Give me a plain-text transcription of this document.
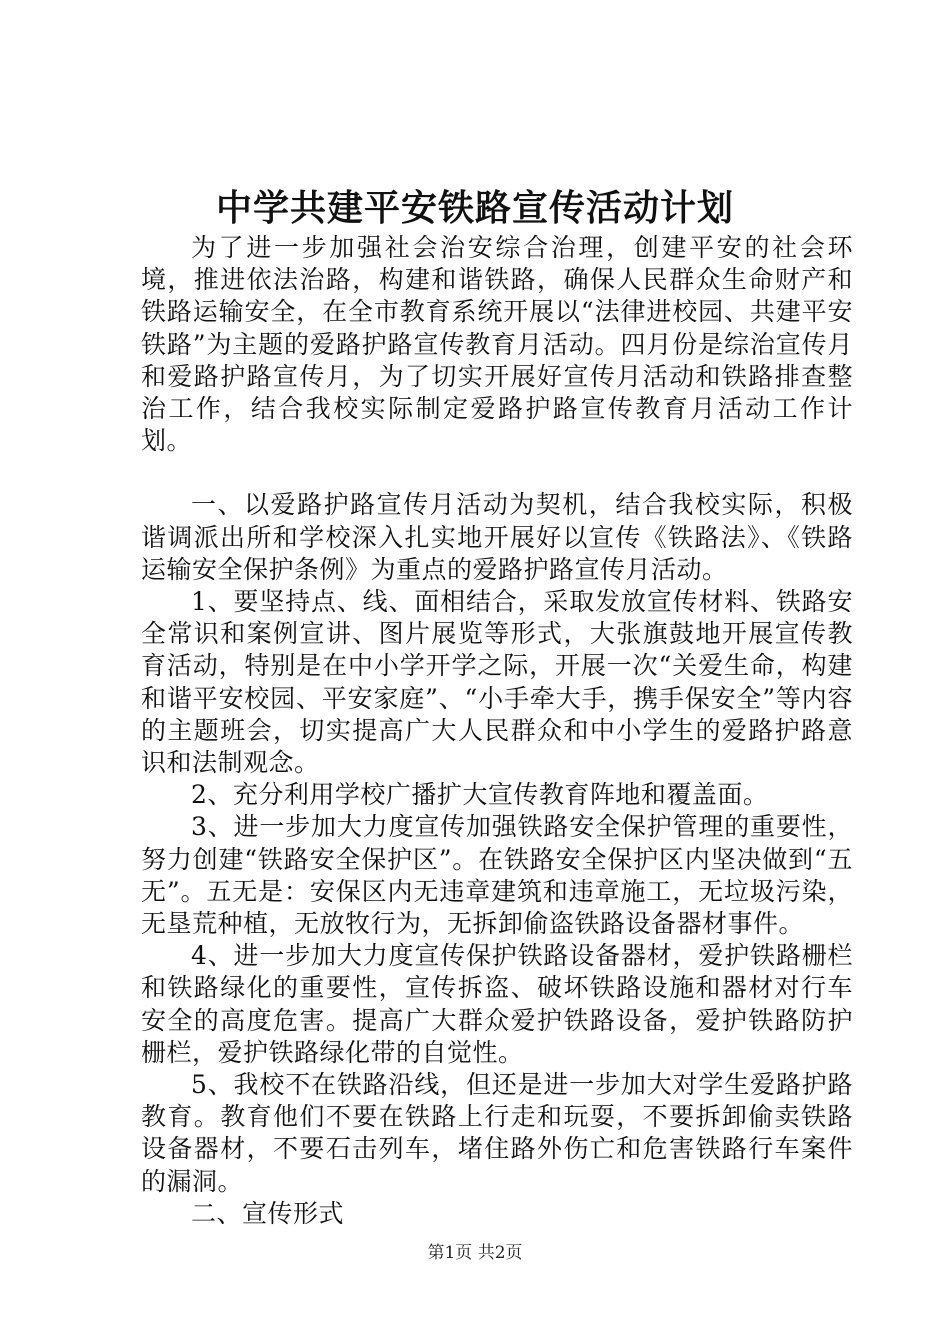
中学共建平安铁路宣传活动计划

为了进一步加强社会治安综合治理，创建平安的社会环境，推进依法治路，构建和谐铁路，确保人民群众生命财产和铁路运输安全，在全市教育系统开展以“法律进校园、共建平安铁路”为主题的爱路护路宣传教育月活动。四月份是综治宣传月和爱路护路宣传月，为了切实开展好宣传月活动和铁路排查整治工作，结合我校实际制定爱路护路宣传教育月活动工作计划。

一、以爱路护路宣传月活动为契机，结合我校实际，积极谐调派出所和学校深入扎实地开展好以宣传《铁路法》、《铁路运输安全保护条例》为重点的爱路护路宣传月活动。

1、要坚持点、线、面相结合，采取发放宣传材料、铁路安全常识和案例宣讲、图片展览等形式，大张旗鼓地开展宣传教育活动，特别是在中小学开学之际，开展一次“关爱生命，构建和谐平安校园、平安家庭”、“小手牵大手，携手保安全”等内容的主题班会，切实提高广大人民群众和中小学生的爱路护路意识和法制观念。

2、充分利用学校广播扩大宣传教育阵地和覆盖面。

3、进一步加大力度宣传加强铁路安全保护管理的重要性，努力创建“铁路安全保护区”。在铁路安全保护区内坚决做到“五无”。五无是：安保区内无违章建筑和违章施工，无垃圾污染，无垦荒种植，无放牧行为，无拆卸偷盗铁路设备器材事件。

4、进一步加大力度宣传保护铁路设备器材，爱护铁路栅栏和铁路绿化的重要性，宣传拆盗、破坏铁路设施和器材对行车安全的高度危害。提高广大群众爱护铁路设备，爱护铁路防护栅栏，爱护铁路绿化带的自觉性。

5、我校不在铁路沿线，但还是进一步加大对学生爱路护路教育。教育他们不要在铁路上行走和玩耍，不要拆卸偷卖铁路设备器材，不要石击列车，堵住路外伤亡和危害铁路行车案件的漏洞。

二、宣传形式

第1页 共2页
